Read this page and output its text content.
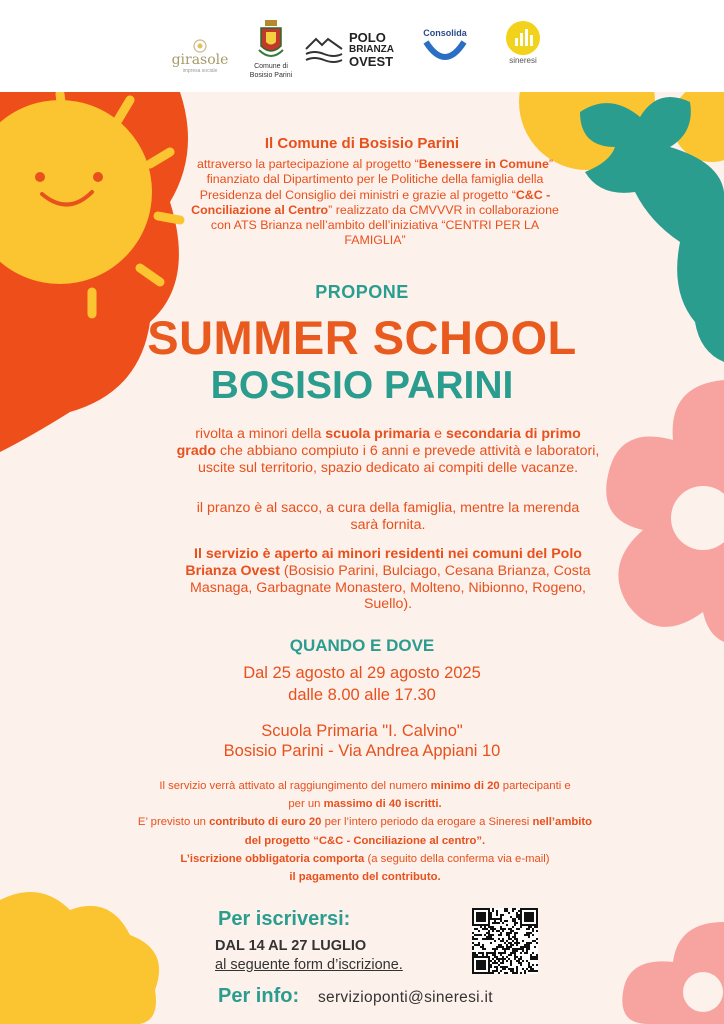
girasole
impresa sociale
Comune di
Bosisio Parini
POLO
BRIANZA
OVEST
Consolida
sineresi
Il Comune di Bosisio Parini
attraverso la partecipazione al progetto “Benessere in Comune” finanziato dal Dipartimento per le Politiche della famiglia della Presidenza del Consiglio dei ministri e grazie al progetto “C&C - Conciliazione al Centro” realizzato da CMVVVR in collaborazione con ATS Brianza nell’ambito dell’iniziativa “CENTRI PER LA FAMIGLIA”
PROPONE
SUMMER SCHOOL
BOSISIO PARINI
rivolta a minori della scuola primaria e secondaria di primo grado che abbiano compiuto i 6 anni e prevede attività e laboratori, uscite sul territorio, spazio dedicato ai compiti delle vacanze.
il pranzo è al sacco, a cura della famiglia, mentre la merenda sarà fornita.
Il servizio è aperto ai minori residenti nei comuni del Polo Brianza Ovest (Bosisio Parini, Bulciago, Cesana Brianza, Costa Masnaga, Garbagnate Monastero, Molteno, Nibionno, Rogeno, Suello).
QUANDO E DOVE
Dal 25 agosto al 29 agosto 2025
dalle 8.00 alle 17.30
Scuola Primaria "I. Calvino"
Bosisio Parini - Via Andrea Appiani 10
Il servizio verrà attivato al raggiungimento del numero minimo di 20 partecipanti e
per un massimo di 40 iscritti.
E’ previsto un contributo di euro 20 per l’intero periodo da erogare a Sineresi nell’ambito
del progetto “C&C - Conciliazione al centro”.
L’iscrizione obbligatoria comporta (a seguito della conferma via e-mail)
il pagamento del contributo.
Per iscriversi:
DAL 14 AL 27 LUGLIO
al seguente form d’iscrizione.
Per info: servizioponti@sineresi.it
